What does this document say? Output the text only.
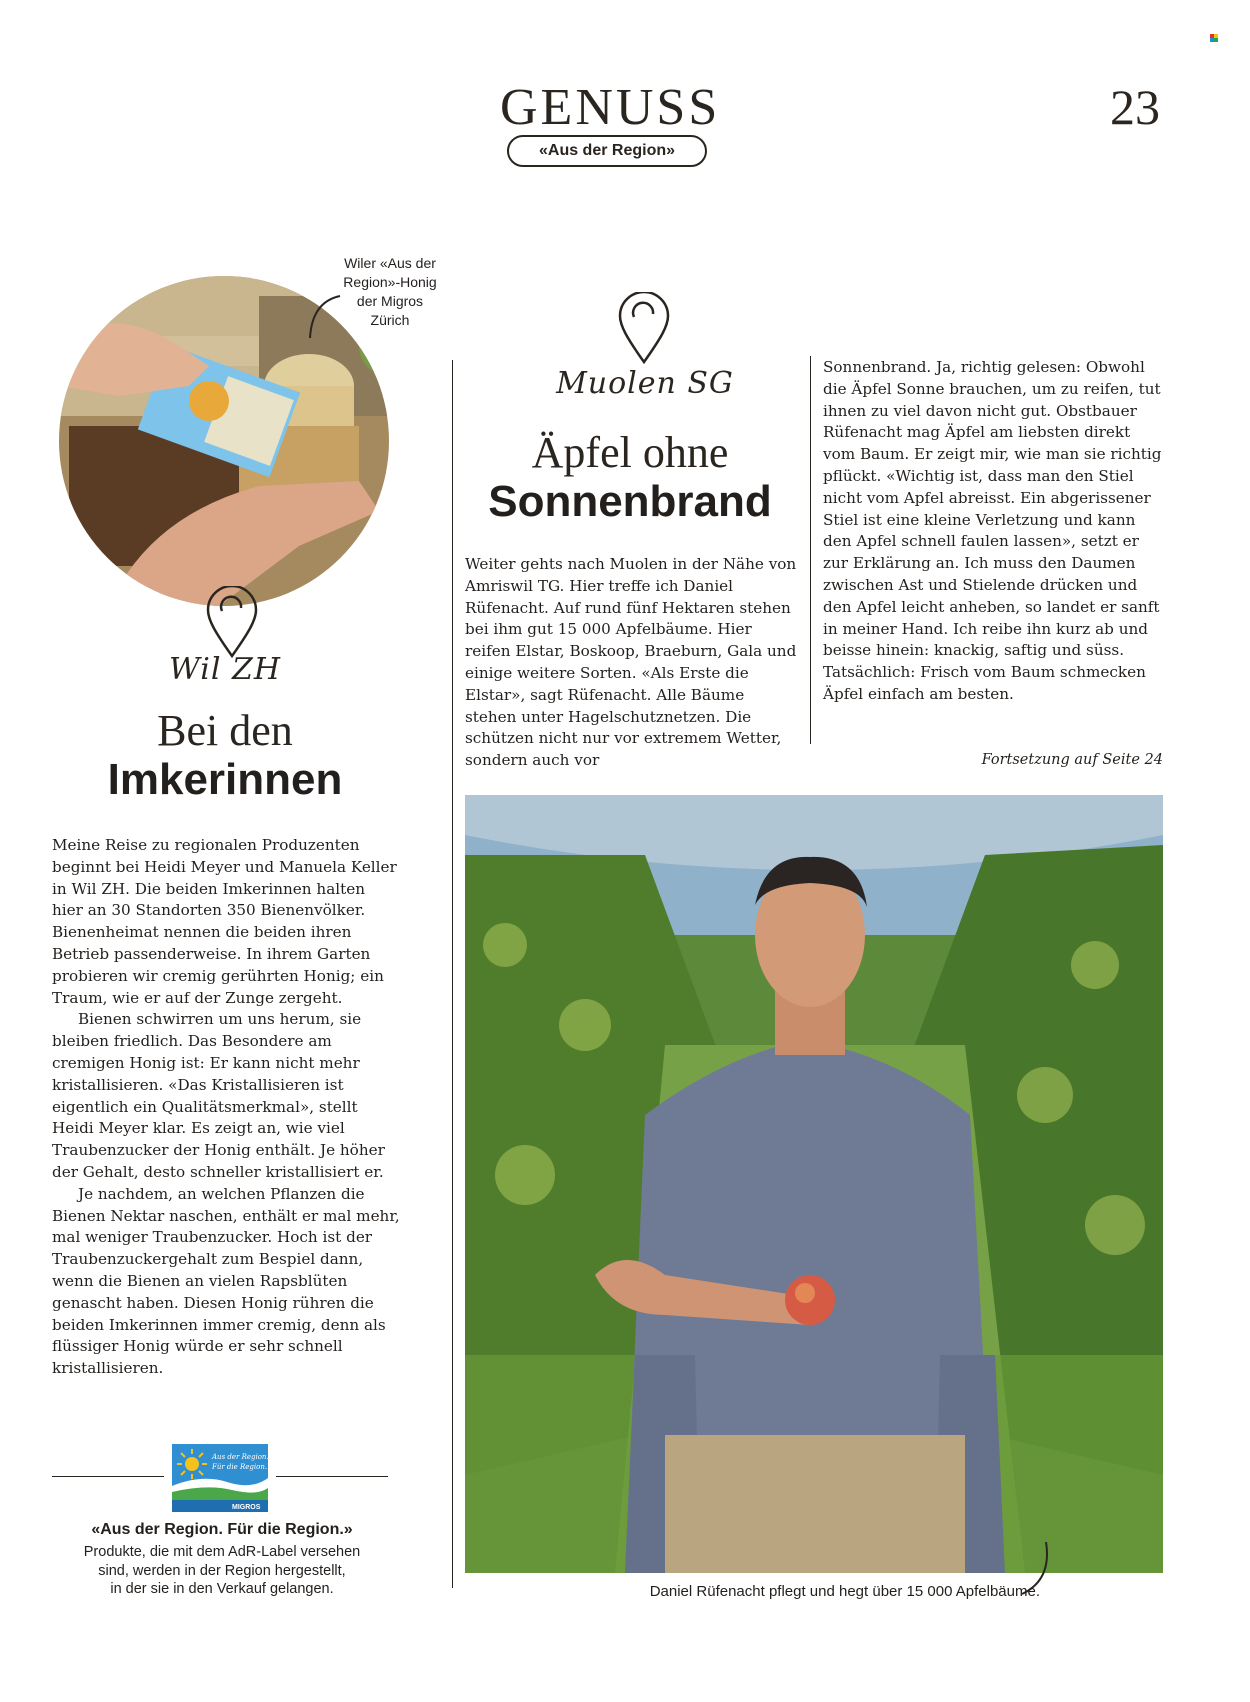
GENUSS
«Aus der Region»
23
Wiler «Aus der
Region»-Honig
der Migros
Zürich
Wil ZH
Bei den
Imkerinnen

Meine Reise zu regionalen Produzenten beginnt bei Heidi Meyer und Manuela Keller in Wil ZH. Die beiden Imkerinnen halten hier an 30 Standorten 350 Bienenvölker. Bienenheimat nennen die beiden ihren Betrieb passenderweise. In ihrem Garten probieren wir cremig gerührten Honig; ein Traum, wie er auf der Zunge zergeht.

Bienen schwirren um uns herum, sie bleiben friedlich. Das Besondere am cremigen Honig ist: Er kann nicht mehr kristallisieren. «Das Kristallisieren ist eigentlich ein Qualitätsmerkmal», stellt Heidi Meyer klar. Es zeigt an, wie viel Traubenzucker der Honig enthält. Je höher der Gehalt, desto schneller kristallisiert er.

Je nachdem, an welchen Pflanzen die Bienen Nektar naschen, enthält er mal mehr, mal weniger Traubenzucker. Hoch ist der Traubenzuckergehalt zum Bespiel dann, wenn die Bienen an vielen Rapsblüten genascht haben. Diesen Honig rühren die beiden Imkerinnen immer cremig, denn als flüssiger Honig würde er sehr schnell kristallisieren.

Aus der Region.
Für die Region.
MIGROS
«Aus der Region. Für die Region.»
Produkte, die mit dem AdR-Label versehen
sind, werden in der Region hergestellt,
in der sie in den Verkauf gelangen.
Muolen SG
Äpfel ohne
Sonnenbrand

Weiter gehts nach Muolen in der Nähe von Amriswil TG. Hier treffe ich Daniel Rüfenacht. Auf rund fünf Hektaren stehen bei ihm gut 15 000 Apfelbäume. Hier reifen Elstar, Boskoop, Braeburn, Gala und einige weitere Sorten. «Als Erste die Elstar», sagt Rüfenacht. Alle Bäume stehen unter Hagelschutznetzen. Die schützen nicht nur vor extremem Wetter, sondern auch vor

Sonnenbrand. Ja, richtig gelesen: Obwohl die Äpfel Sonne brauchen, um zu reifen, tut ihnen zu viel davon nicht gut. Obstbauer Rüfenacht mag Äpfel am liebsten direkt vom Baum. Er zeigt mir, wie man sie richtig pflückt. «Wichtig ist, dass man den Stiel nicht vom Apfel abreisst. Ein abgerissener Stiel ist eine kleine Verletzung und kann den Apfel schnell faulen lassen», setzt er zur Erklärung an. Ich muss den Daumen zwischen Ast und Stielende drücken und den Apfel leicht anheben, so landet er sanft in meiner Hand. Ich reibe ihn kurz ab und beisse hinein: knackig, saftig und süss. Tatsächlich: Frisch vom Baum schmecken Äpfel einfach am besten.

Fortsetzung auf Seite 24
Daniel Rüfenacht pflegt und hegt über 15 000 Apfelbäume.
